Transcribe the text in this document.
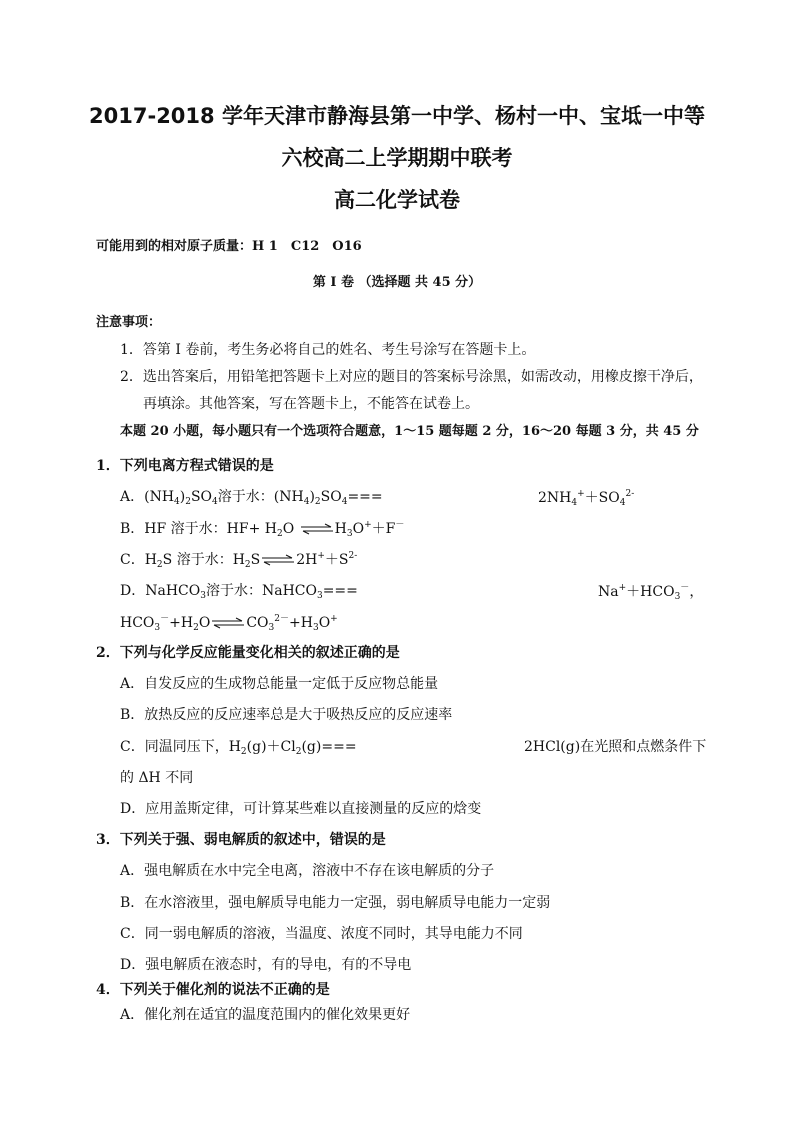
2017-2018 学年天津市静海县第一中学、杨村一中、宝坻一中等
六校高二上学期期中联考
高二化学试卷
可能用到的相对原子质量：H 1　C12　O16
第 I 卷 （选择题 共 45 分）
注意事项：
1．答第 I 卷前，考生务必将自己的姓名、考生号涂写在答题卡上。
2．选出答案后，用铅笔把答题卡上对应的题目的答案标号涂黑，如需改动，用橡皮擦干净后，
再填涂。其他答案，写在答题卡上，不能答在试卷上。
本题 20 小题，每小题只有一个选项符合题意，1～15 题每题 2 分，16～20 每题 3 分，共 45 分
1．下列电离方程式错误的是
A．$(NH_4)_2SO_4$溶于水：$(NH_4)_2SO_4===$	$2NH_4^++SO_4^{2-}$
B．HF 溶于水：$HF+ H_2O$ $\rightleftharpoons H_3O^++F^-$
C．$H_2S$ 溶于水：$H_2S\rightleftharpoons 2H^++S^{2-}$
D．NaHCO$_3$溶于水：NaHCO$_3$===	$Na^++HCO_3^-$，
$HCO_3^-+H_2O\rightleftharpoons CO_3^{2-}+H_3O^+$
2．下列与化学反应能量变化相关的叙述正确的是
A．自发反应的生成物总能量一定低于反应物总能量
B．放热反应的反应速率总是大于吸热反应的反应速率
C．同温同压下，$H_2(g)+Cl_2(g)===$	2HCl(g)在光照和点燃条件下
的 ΔH 不同
D．应用盖斯定律，可计算某些难以直接测量的反应的焓变
3．下列关于强、弱电解质的叙述中，错误的是
A．强电解质在水中完全电离，溶液中不存在该电解质的分子
B．在水溶液里，强电解质导电能力一定强，弱电解质导电能力一定弱
C．同一弱电解质的溶液，当温度、浓度不同时，其导电能力不同
D．强电解质在液态时，有的导电，有的不导电
4．下列关于催化剂的说法不正确的是
A．催化剂在适宜的温度范围内的催化效果更好
